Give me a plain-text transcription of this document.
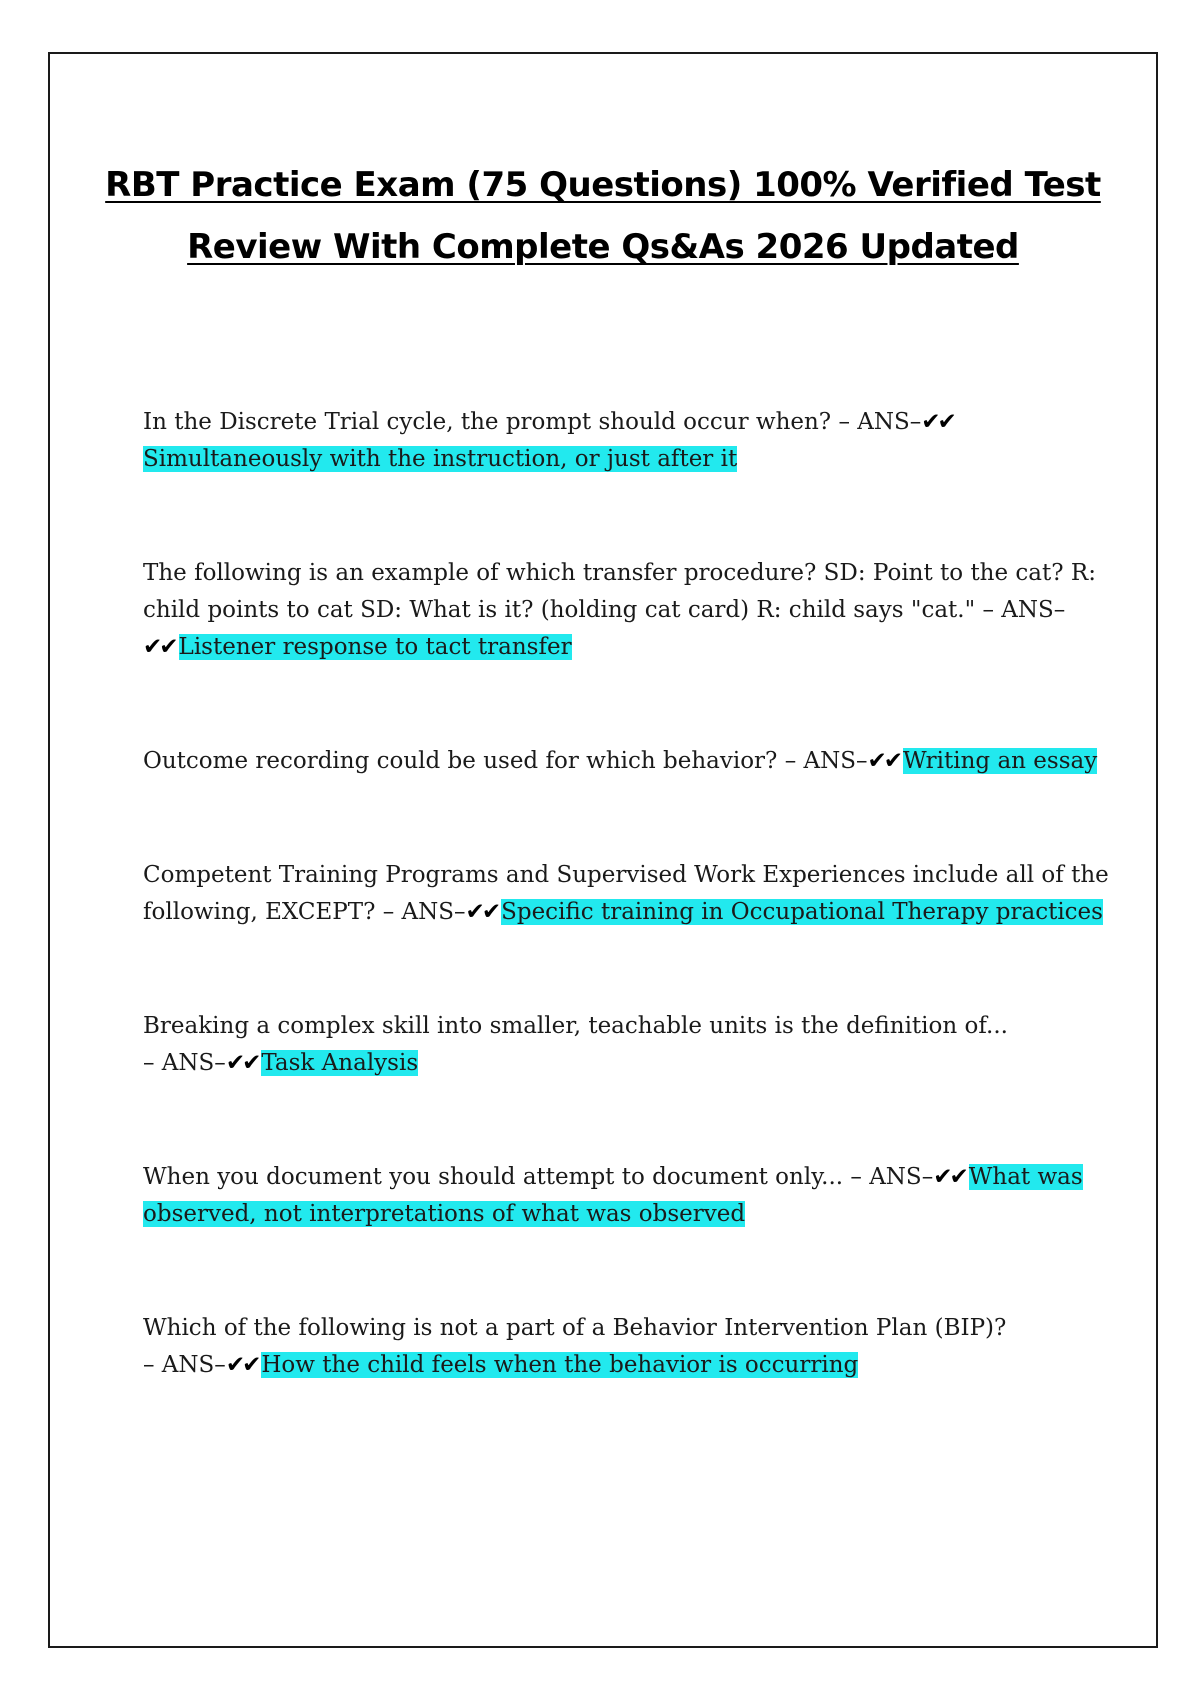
RBT Practice Exam (75 Questions) 100% Verified Test
Review With Complete Qs&As 2026 Updated

In the Discrete Trial cycle, the prompt should occur when? – ANS–✔✔
Simultaneously with the instruction, or just after it

The following is an example of which transfer procedure? SD: Point to the cat? R: child points to cat SD: What is it? (holding cat card) R: child says "cat." – ANS–
✔✔ Listener response to tact transfer

Outcome recording could be used for which behavior? – ANS–✔✔ Writing an essay

Competent Training Programs and Supervised Work Experiences include all of the following, EXCEPT? – ANS–✔✔ Specific training in Occupational Therapy practices

Breaking a complex skill into smaller, teachable units is the definition of...
– ANS–✔✔ Task Analysis

When you document you should attempt to document only... – ANS–✔✔ What was observed, not interpretations of what was observed

Which of the following is not a part of a Behavior Intervention Plan (BIP)?
– ANS–✔✔ How the child feels when the behavior is occurring
